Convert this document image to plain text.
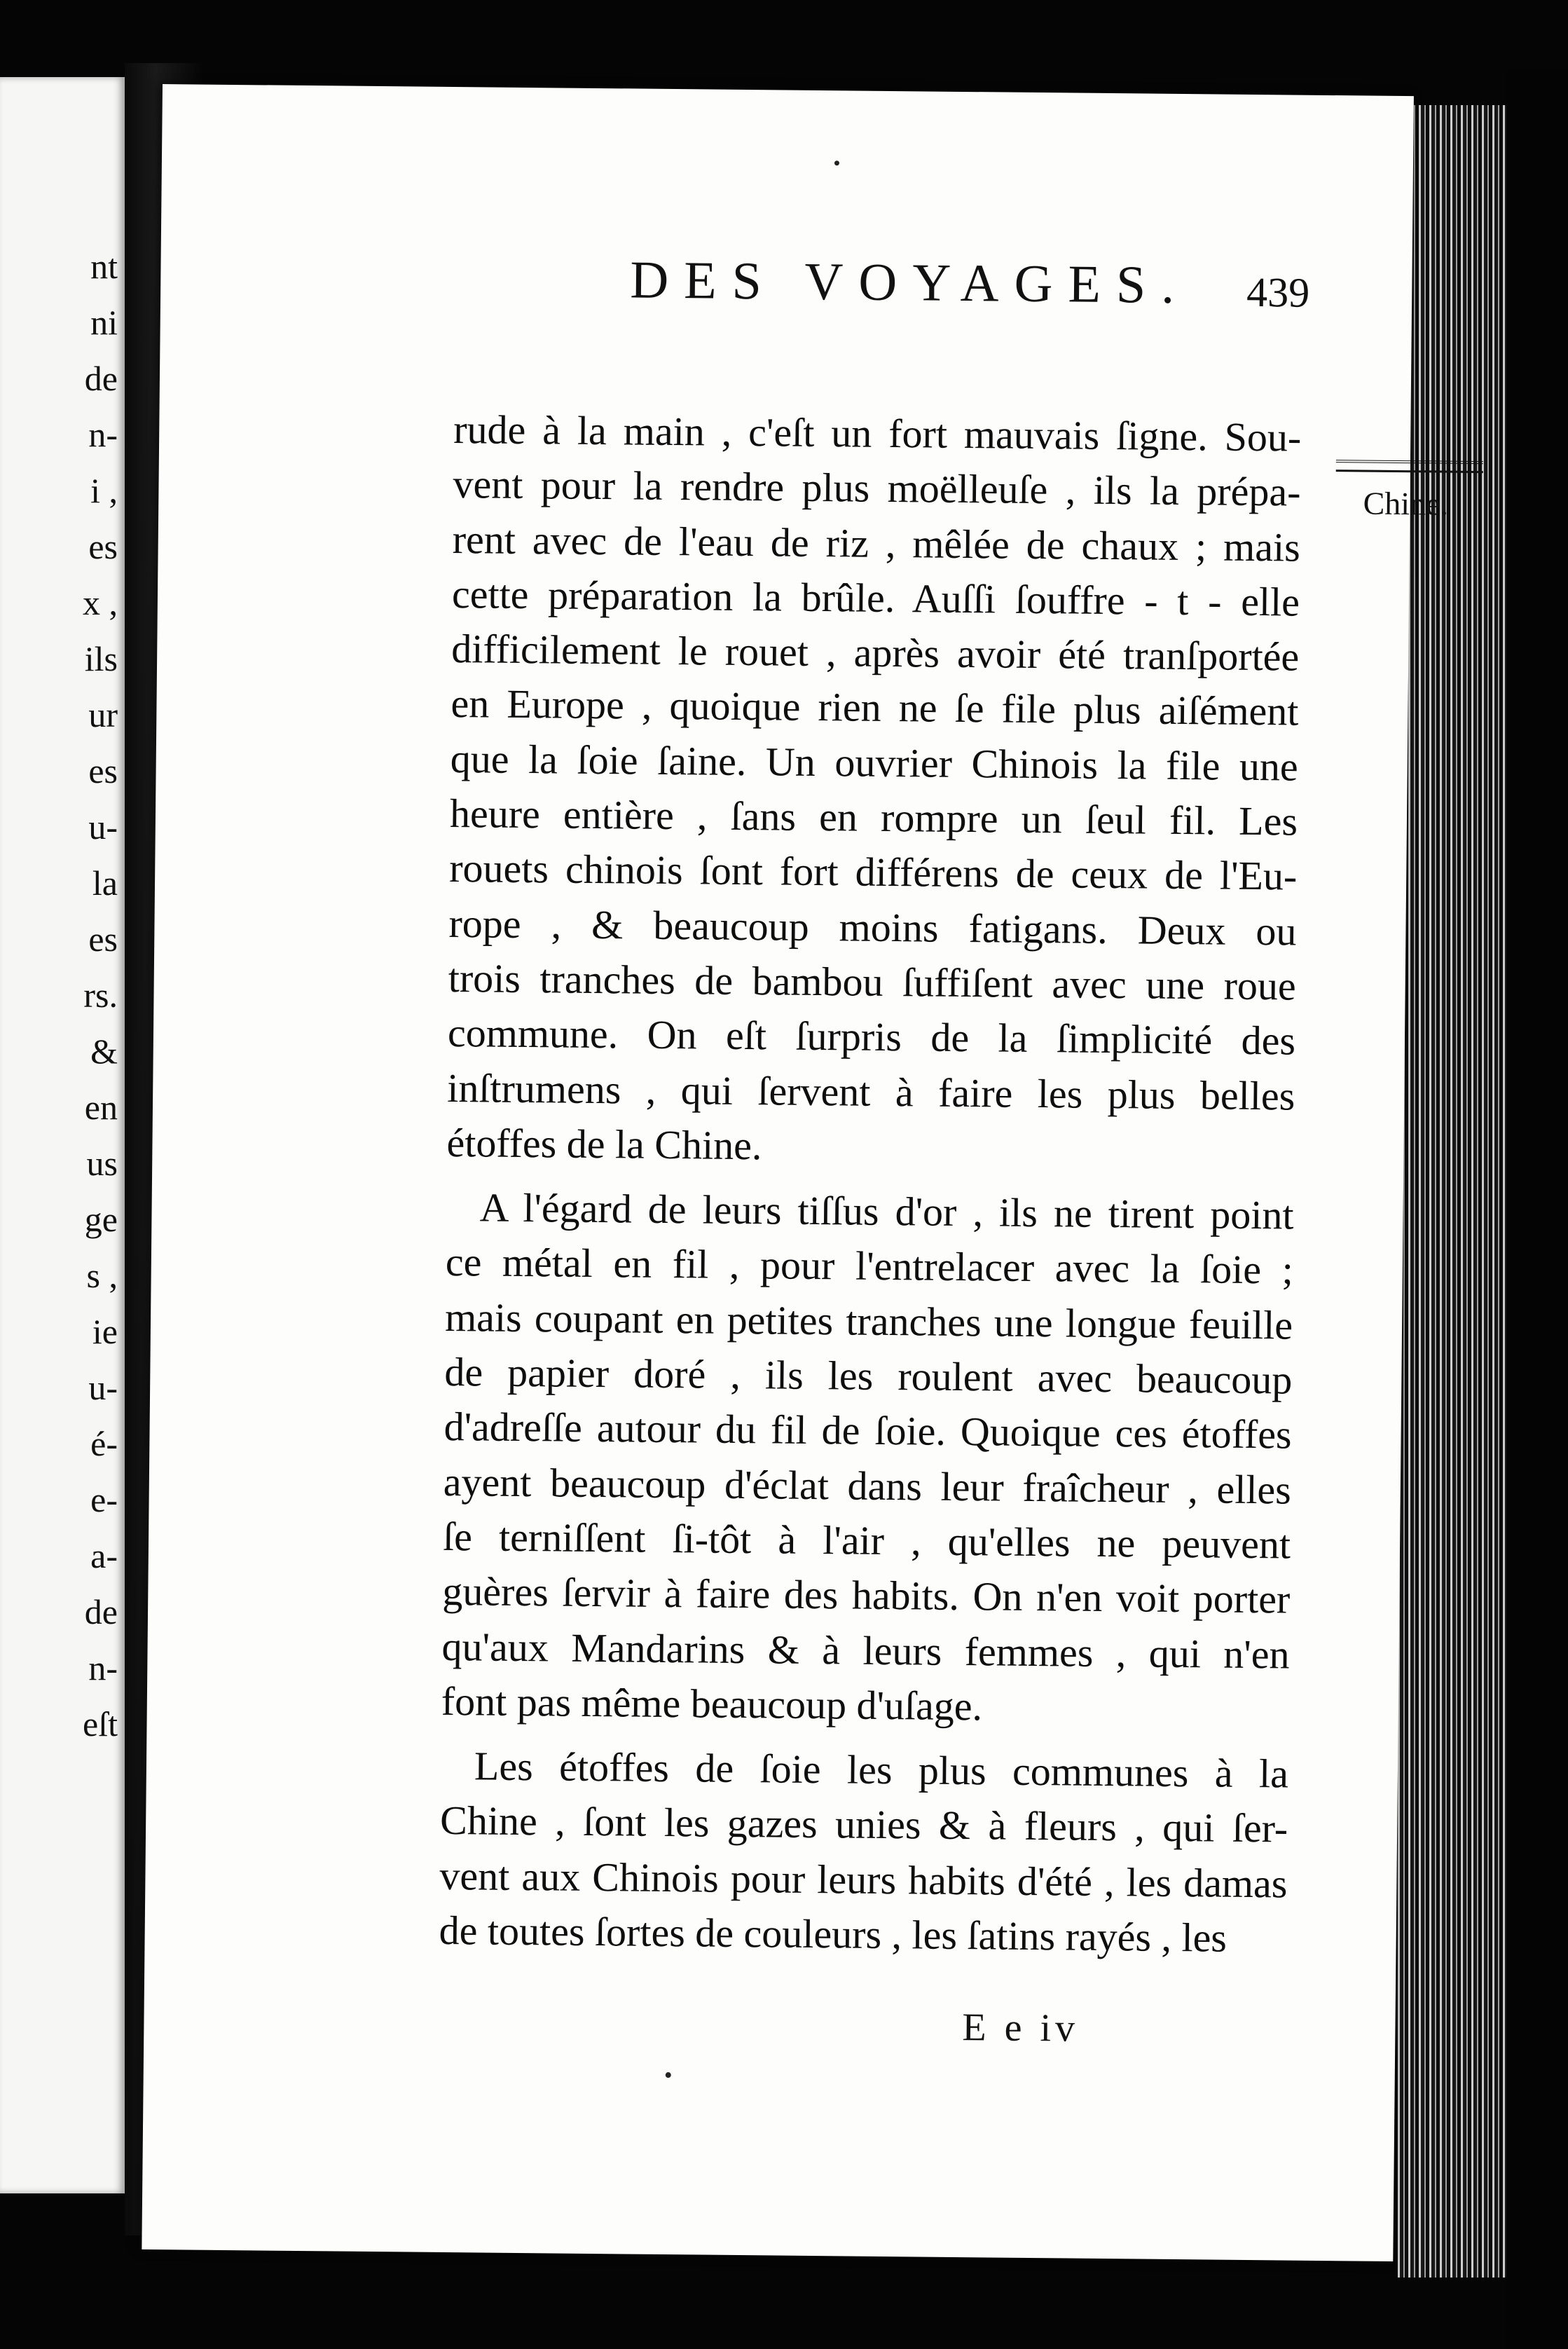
nt
ni
de
n-
i ,
es
x ,
ils
ur
es
u-
la
es
rs.
&
en
us
ge
s ,
ie
u-
é-
e-
a-
de
n-
eſt
DES VOYAGES. 439
Chine.
rude à la main , c'eſt un fort mauvais ſigne. Sou-
vent pour la rendre plus moëlleuſe , ils la prépa-
rent avec de l'eau de riz , mêlée de chaux ; mais
cette préparation la brûle. Auſſi ſouffre - t - elle
difficilement le rouet , après avoir été tranſportée
en Europe , quoique rien ne ſe file plus aiſément
que la ſoie ſaine. Un ouvrier Chinois la file une
heure entière , ſans en rompre un ſeul fil. Les
rouets chinois ſont fort différens de ceux de l'Eu-
rope , & beaucoup moins fatigans. Deux ou
trois tranches de bambou ſuffiſent avec une roue
commune. On eſt ſurpris de la ſimplicité des
inſtrumens , qui ſervent à faire les plus belles
étoffes de la Chine.
A l'égard de leurs tiſſus d'or , ils ne tirent point
ce métal en fil , pour l'entrelacer avec la ſoie ;
mais coupant en petites tranches une longue feuille
de papier doré , ils les roulent avec beaucoup
d'adreſſe autour du fil de ſoie. Quoique ces étoffes
ayent beaucoup d'éclat dans leur fraîcheur , elles
ſe terniſſent ſi-tôt à l'air , qu'elles ne peuvent
guères ſervir à faire des habits. On n'en voit porter
qu'aux Mandarins & à leurs femmes , qui n'en
font pas même beaucoup d'uſage.
Les étoffes de ſoie les plus communes à la
Chine , ſont les gazes unies & à fleurs , qui ſer-
vent aux Chinois pour leurs habits d'été , les damas
de toutes ſortes de couleurs , les ſatins rayés , les
E e iv
